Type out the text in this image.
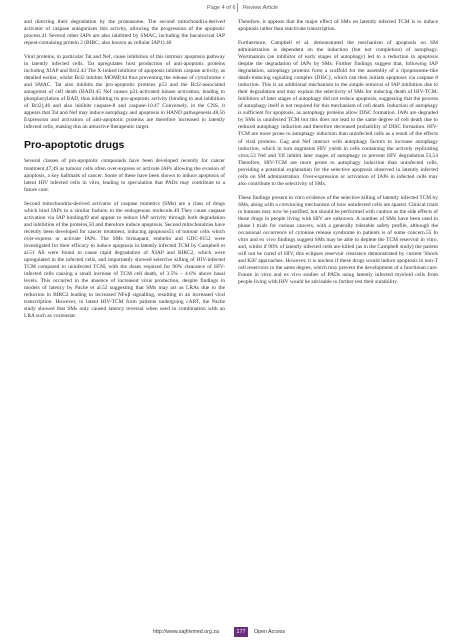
Page 4 of 6 Review Article

and directing their degradation by the proteasome. The second mitochondria-derived activator of caspase antagonizes this activity, allowing the progression of the apoptotic process.41 Several other IAPs are also inhibited by SMAC, including the baculoviral IAP repeat-containing protein 2 (BIRC, also known as cellular IAP1).40

Viral proteins, in particular Tat and Nef, cause inhibition of this intrinsic apoptosis pathway in latently infected cells. Tat upregulates host production of anti-apoptotic proteins including XIAP and Bcl2.43 The X-linked inhibitor of apoptosis inhibits caspase activity, as detailed earlier, whilst Bcl2 inhibits MOMP,44 thus preventing the release of cytochrome c and SMAC. Tat also inhibits the pro-apoptotic proteins p53 and the Bcl2-associated antagonist of cell death (BAD).45 Nef causes p21-activated kinase activation, leading to phosphorylation of BAD, thus inhibiting its pro-apoptotic activity (binding to and inhibition of Bcl2),46 and also inhibits caspase-8 and caspase-10.47 Conversely, in the CNS, it appears that Tat and Nef may induce autophagy and apoptosis in HAND pathogenesis.48,56 Expression and activation of anti-apoptotic proteins are therefore increased in latently infected cells, making this an attractive therapeutic target.

Pro-apoptotic drugs

Several classes of pro-apoptotic compounds have been developed recently for cancer treatment,47,49 as tumour cells often over-express or activate IAPs allowing the evasion of apoptosis, a key hallmark of cancer. Some of these have been shown to induce apoptosis of latent HIV infected cells in vitro, leading to speculation that PADs may contribute to a future cure.

Second mitochondria-derived activator of caspase mimetics (SMs) are a class of drugs which bind IAPs in a similar fashion to the endogenous molecule.49 They cause caspase activation via IAP binding49 and appear to reduce IAP activity through both degradation and inhibition of the proteins,50 and therefore induce apoptosis. Second mitochondrias have recently been developed for cancer treatment, inducing apoptosis51 of tumour cells which over-express or activate IAPs. The SMs birinapant, embelin and GDC-0152 were investigated for their efficacy to induce apoptosis in latently infected TCM by Campbell et al.51 All were found to cause rapid degradation of XIAP and BIRC2, which were upregulated in the infected cells, and importantly showed selective killing of HIV-infected TCM compared to uninfected TCM, with the doses required for 90% clearance of HIV-infected cells causing a small increase of TCM cell death, of 3.5% – 4.6% above basal levels. This occurred in the absence of increased virus production, despite findings in models of latency by Pache et al.52 suggesting that SMs may act as LRAs due to the reduction in BIRC2 leading to increased NFκβ signalling, resulting in an increased viral transcription. However, in latent HIV-TCM from patients undergoing cART, the Pache study showed that SMs only caused latency reversal when used in combination with an LRA such as vorinostat.

Therefore, it appears that the major effect of SMs on latently infected TCM is to induce apoptosis rather than reactivate transcription.

Furthermore, Campbell et al. demonstrated the mechanism of apoptosis on SM administration is dependent on the induction (but not completion) of autophagy. Wortmannin (an inhibitor of early stages of autophagy) led to a reduction in apoptosis despite the degradation of IAPs by SMs. Further findings suggest that, following IAP degradation, autophagy proteins form a scaffold for the assembly of a ripoptosome-like death-inducing signaling complex (DISC), which can then initiate apoptosis via caspase 8 induction. This is an additional mechanism to the simple removal of IAP inhibition due to their degradation and may explain the selectivity of SMs for inducing death of HIV-TCM. Inhibitors of later stages of autophagy did not reduce apoptosis, suggesting that the process of autophagy itself is not required for this mechanism of cell death. Induction of autophagy is sufficient for apoptosis, as autophagy proteins allow DISC formation. IAPs are degraded by SMs in uninfected TCM but this does not lead to the same degree of cell death due to reduced autophagy induction and therefore decreased probability of DISC formation. HIV-TCM are more prone to autophagy induction than uninfected cells as a result of the effects of viral proteins. Gag and Nef interact with autophagy factors to increase autophagy induction, which in turn augments HIV yields in cells containing the actively replicating virus.53 Nef and Vif inhibit later stages of autophagy to prevent HIV degradation.53,54 Therefore, HIV-TCM are more prone to autophagy induction than uninfected cells, providing a potential explanation for the selective apoptosis observed in latently infected cells on SM administration. Over-expression or activation of IAPs in infected cells may also contribute to the selectivity of SMs.

These findings present in vitro evidence of the selective killing of latently infected TCM by SMs, along with a convincing mechanism of how uninfected cells are spared. Clinical trials in humans may now be justified, but should be performed with caution as the side effects of these drugs in people living with HIV are unknown. A number of SMs have been used in phase I trials for various cancers, with a generally tolerable safety profile, although the occasional occurrence of cytokine release syndrome in patients is of some concern.55 In vitro and ex vivo findings suggest SMs may be able to deplete the TCM reservoir in vitro, and, whilst if 90% of latently infected cells are killed (as in the Campbell study) the patient will not be cured of HIV, this eclipses reservoir clearance demonstrated by current 'Shock and Kill' approaches. However, it is unclear if these drugs would induce apoptosis in non-T cell reservoirs to the same degree, which may prevent the development of a functional cure. Future in vitro and ex vivo studies of PADs using latently infected myeloid cells from people living with HIV would be advisable to further test their suitability.

http://www.sajhivmed.org.za	177	Open Access
